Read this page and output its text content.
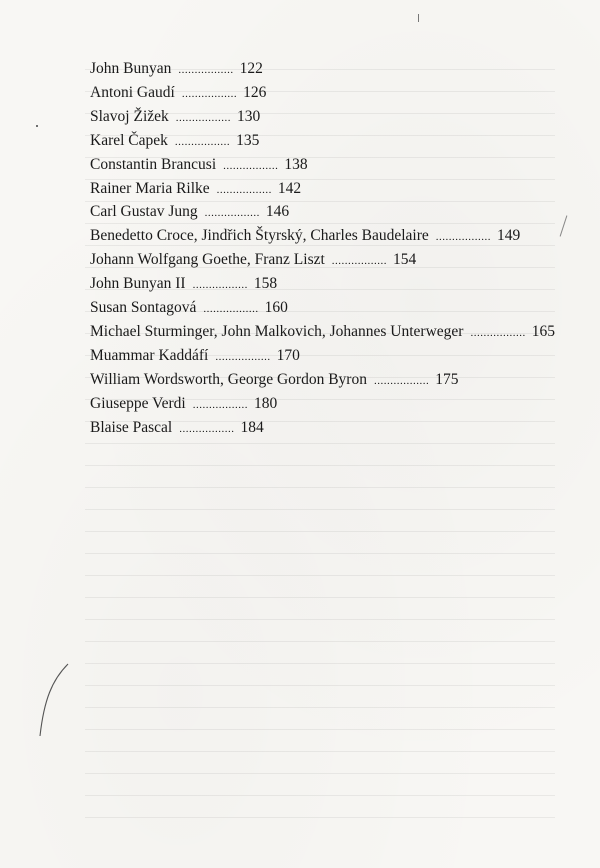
John Bunyan ................. 122
Antoni Gaudí ................. 126
Slavoj Žižek ................. 130
Karel Čapek ................. 135
Constantin Brancusi ................. 138
Rainer Maria Rilke ................. 142
Carl Gustav Jung ................. 146
Benedetto Croce, Jindřich Štyrský, Charles Baudelaire ................. 149
Johann Wolfgang Goethe, Franz Liszt ................. 154
John Bunyan II ................. 158
Susan Sontagová ................. 160
Michael Sturminger, John Malkovich, Johannes Unterweger ................. 165
Muammar Kaddáfí ................. 170
William Wordsworth, George Gordon Byron ................. 175
Giuseppe Verdi ................. 180
Blaise Pascal ................. 184
